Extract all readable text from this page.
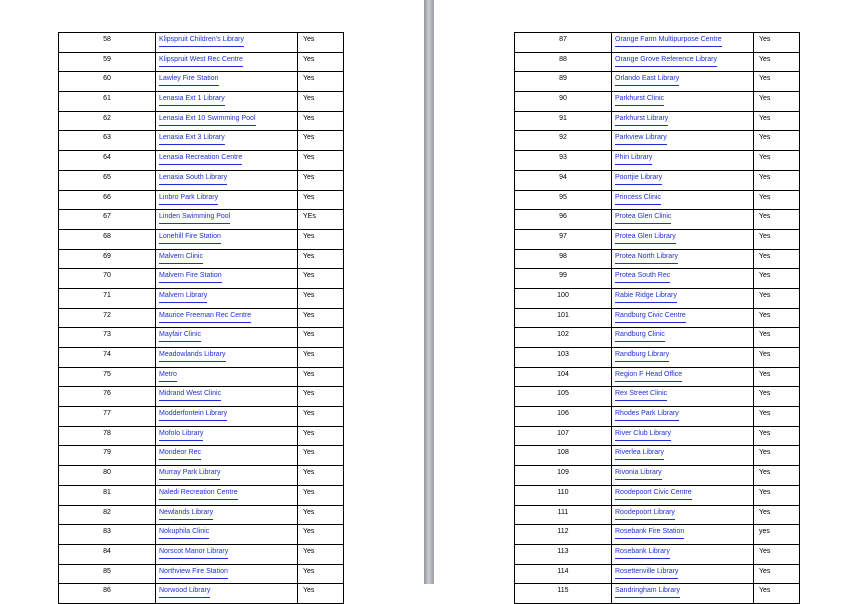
58	Klipspruit Children's Library	Yes
59	Klipspruit West Rec Centre	Yes
60	Lawley Fire Station	Yes
61	Lenasia Ext 1 Library	Yes
62	Lenasia Ext 10 Swimming Pool	Yes
63	Lenasia Ext 3 Library	Yes
64	Lenasia Recreation Centre	Yes
65	Lenasia South Library	Yes
66	Linbro Park Library	Yes
67	Linden Swimming Pool	YEs
68	Lonehill Fire Station	Yes
69	Malvern Clinic	Yes
70	Malvern Fire Station	Yes
71	Malvern Library	Yes
72	Maurice Freeman Rec Centre	Yes
73	Mayfair Clinic	Yes
74	Meadowlands Library	Yes
75	Metro	Yes
76	Midrand West Clinic	Yes
77	Modderfontein Library	Yes
78	Mofolo Library	Yes
79	Mondeor Rec	Yes
80	Murray Park Library	Yes
81	Naledi Recreation Centre	Yes
82	Newlands Library	Yes
83	Nokuphila Clinic	Yes
84	Norscot Manor Library	Yes
85	Northview Fire Station	Yes
86	Norwood Library	Yes
87	Orange Farm Multipurpose Centre	Yes
88	Orange Grove Reference Library	Yes
89	Orlando East Library	Yes
90	Parkhurst Clinic	Yes
91	Parkhurst Library	Yes
92	Parkview Library	Yes
93	Phiri Library	Yes
94	Poortjie Library	Yes
95	Princess Clinic	Yes
96	Protea Glen Clinic	Yes
97	Protea Glen Library	Yes
98	Protea North Library	Yes
99	Protea South Rec	Yes
100	Rabie Ridge Library	Yes
101	Randburg Civic Centre	Yes
102	Randburg Clinic	Yes
103	Randburg Library	Yes
104	Region F Head Office	Yes
105	Rex Street Clinic	Yes
106	Rhodes Park Library	Yes
107	River Club Library	Yes
108	Riverlea Library	Yes
109	Rivonia Library	Yes
110	Roodepoort Civic Centre	Yes
111	Roodepoort Library	Yes
112	Rosebank Fire Station	yes
113	Rosebank Library	Yes
114	Rosettenville Library	Yes
115	Sandringham Library	Yes
